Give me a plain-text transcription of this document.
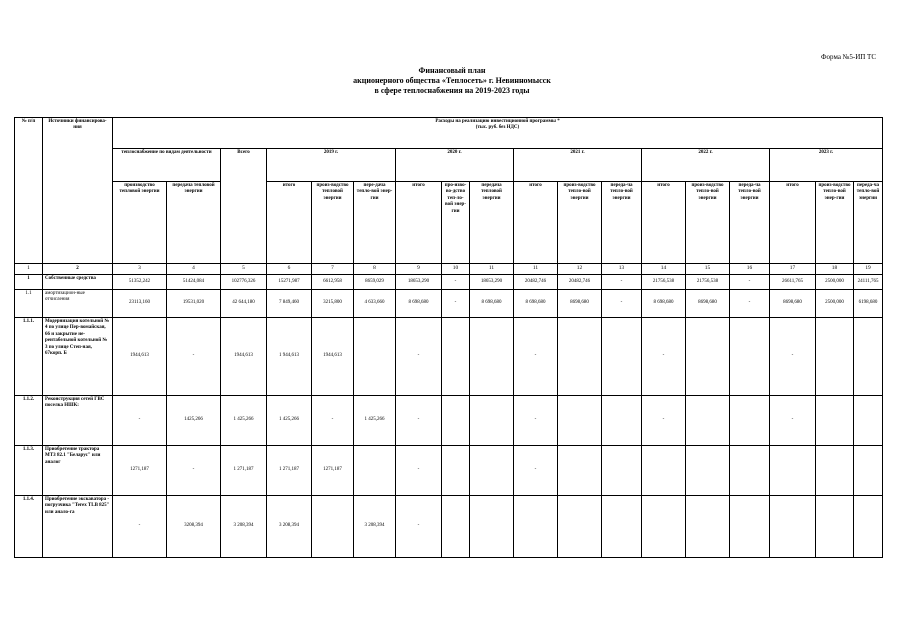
Форма №5-ИП ТС
Финансовый план
акционерного общества «Теплосеть» г. Невинномысск
в сфере теплоснабжения на 2019-2023 годы
№ п/п	Источники финансирова-ния	Расходы на реализацию инвестиционной программы *
(тыс. руб. без НДС)																	

		теплоснабжение по видам деятельности		Всего	2019 г.			2020 г.			2021 г.			2022 г.			2023 г.		
		производство тепловой энергии	передача тепловой энергии		итого	произ-водство тепловой энергии	пере-дача тепло-вой энер-гии	итого	про-изво-во-дство теп-ло-вой энер-гии	передача тепловой энергии	итого	произ-водство тепло-вой энергии	переда-ча тепло-вой энергии	итого	произ-водство тепло-вой энергии	переда-ча тепло-вой энергии	итого	произ-водство тепло-вой энер-гии	переда-ча тепло-вой энергии
1	2	3	4	5	6	7	8	9	10	11	11	12	13	14	15	16	17	18	19
1	Собственные средства	51352,242	51424,084	102776,326	15271,987	6612,958	8659,029	18653,290	-	18653,290	20482,746	20482,746	-	21756,538	21756,538	-	26611,765	2500,000	24111,765
1.1	амортизацион-ные отчисления	23113,160	19531,020	42 644,180	7 849,460	3215,800	4 633,660	8 698,680	-	8 698,680	8 698,680	8698,680	-	8 698,680	8698,680	-	8698,680	2500,000	6198,680
1.1.1.	Модернизация котельной № 4 по улице Пер-вомайская, 66 и закрытие не-рентабельной котельной № 3 по улице Степ-ная, 67корп. Б	1944,613	-	1944,613	1 944,613	1944,613		-			-			-			-		
1.1.2.	Реконструкция сетей ГВС поселка НШК:	-	1425,266	1 425,266	1 425,266	-	1 425,266	-			-			-			-		
1.1.3.	Приобретение трактора МТЗ 82.1 "Беларус" или аналог	1271,187	-	1 271,187	1 271,187	1271,187		-			-								
1.1.4.	Приобретение экскаватора - погрузчика "Terex TLB 825" или анало-га	-	3208,394	3 208,394	3 208,394		3 208,394	-											
